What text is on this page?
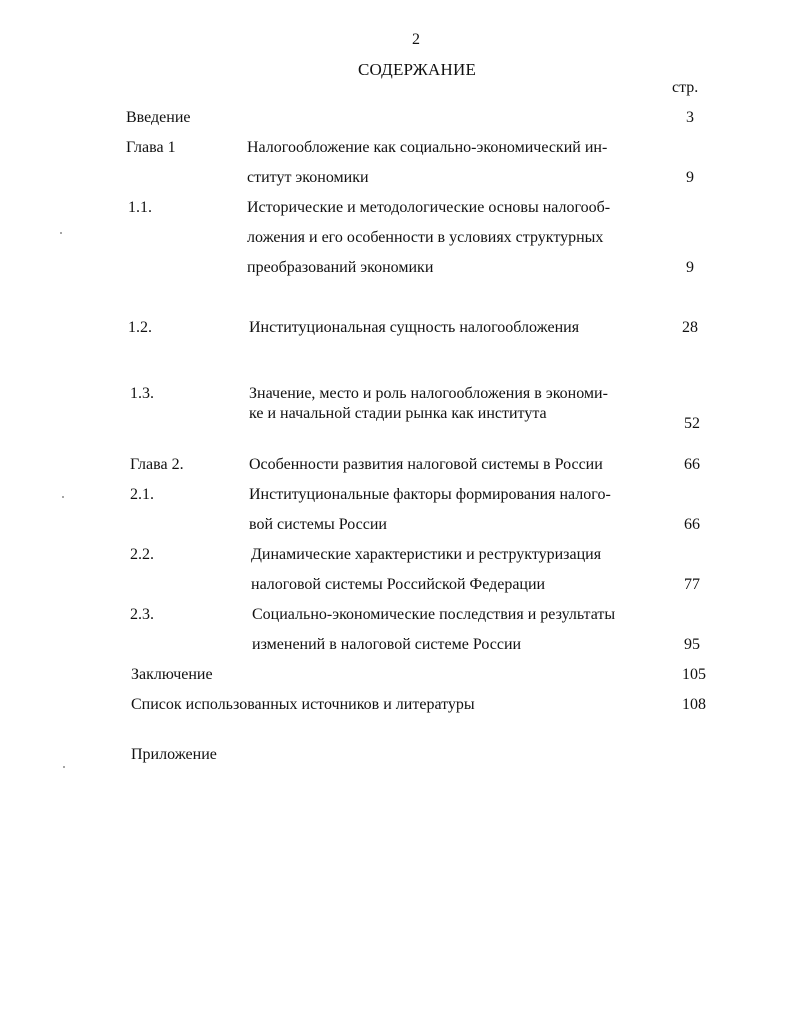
2
СОДЕРЖАНИЕ
стр.
Введение	3
Глава 1	Налогообложение как социально-экономический ин-
ститут экономики	9
1.1.	Исторические и методологические основы налогооб-
ложения и его особенности в условиях структурных
преобразований экономики	9
1.2.	Институциональная сущность налогообложения	28
1.3.	Значение, место и роль налогообложения в экономи-
ке и начальной стадии рынка как института
52
Глава 2.	Особенности развития налоговой системы в России	66
2.1.	Институциональные факторы формирования налого-
вой системы России	66
2.2.	Динамические характеристики и реструктуризация
налоговой системы Российской Федерации	77
2.3.	Социально-экономические последствия и результаты
изменений в налоговой системе России	95
Заключение	105
Список использованных источников и литературы	108
Приложение
